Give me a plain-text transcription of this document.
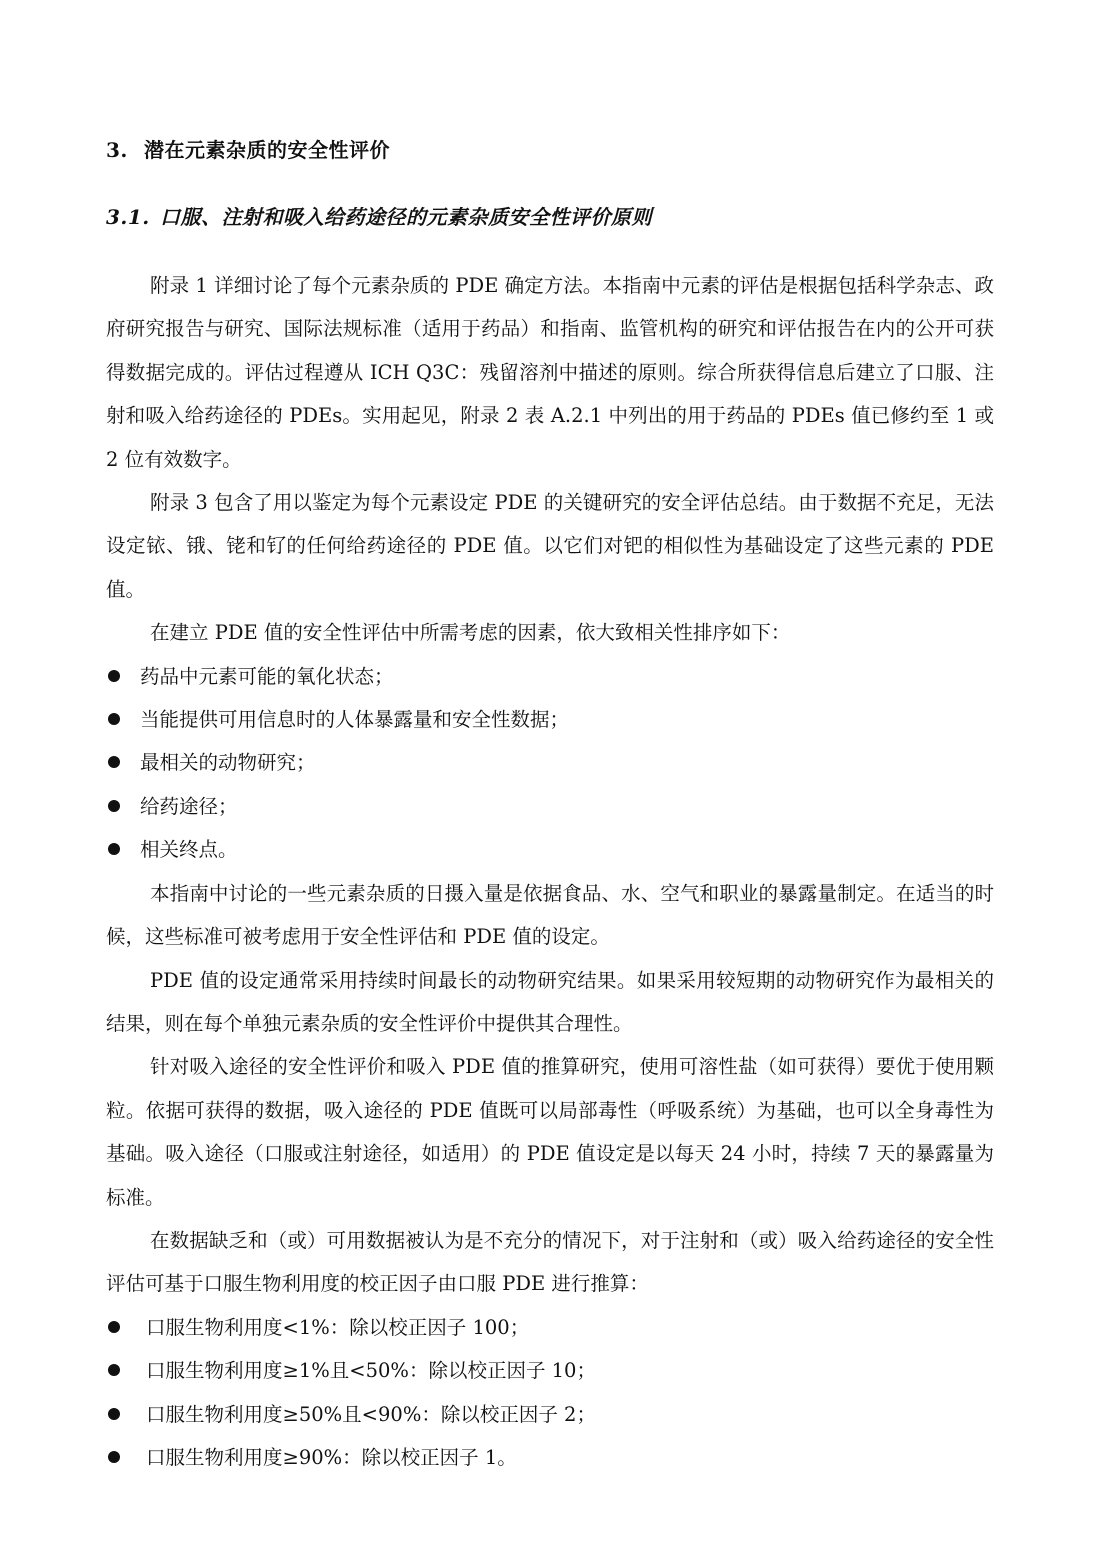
3. 潜在元素杂质的安全性评价
3.1. 口服、注射和吸入给药途径的元素杂质安全性评价原则

附录 1 详细讨论了每个元素杂质的 PDE 确定方法。本指南中元素的评估是根据包括科学杂志、政府研究报告与研究、国际法规标准（适用于药品）和指南、监管机构的研究和评估报告在内的公开可获得数据完成的。评估过程遵从 ICH Q3C：残留溶剂中描述的原则。综合所获得信息后建立了口服、注射和吸入给药途径的 PDEs。实用起见，附录 2 表 A.2.1 中列出的用于药品的 PDEs 值已修约至 1 或 2 位有效数字。

附录 3 包含了用以鉴定为每个元素设定 PDE 的关键研究的安全评估总结。由于数据不充足，无法设定铱、锇、铑和钌的任何给药途径的 PDE 值。以它们对钯的相似性为基础设定了这些元素的 PDE 值。

在建立 PDE 值的安全性评估中所需考虑的因素，依大致相关性排序如下：

药品中元素可能的氧化状态；
当能提供可用信息时的人体暴露量和安全性数据；
最相关的动物研究；
给药途径；
相关终点。

本指南中讨论的一些元素杂质的日摄入量是依据食品、水、空气和职业的暴露量制定。在适当的时候，这些标准可被考虑用于安全性评估和 PDE 值的设定。

PDE 值的设定通常采用持续时间最长的动物研究结果。如果采用较短期的动物研究作为最相关的结果，则在每个单独元素杂质的安全性评价中提供其合理性。

针对吸入途径的安全性评价和吸入 PDE 值的推算研究，使用可溶性盐（如可获得）要优于使用颗粒。依据可获得的数据，吸入途径的 PDE 值既可以局部毒性（呼吸系统）为基础，也可以全身毒性为基础。吸入途径（口服或注射途径，如适用）的 PDE 值设定是以每天 24 小时，持续 7 天的暴露量为标准。

在数据缺乏和（或）可用数据被认为是不充分的情况下，对于注射和（或）吸入给药途径的安全性评估可基于口服生物利用度的校正因子由口服 PDE 进行推算：

口服生物利用度<1%：除以校正因子 100；
口服生物利用度≥1%且<50%：除以校正因子 10；
口服生物利用度≥50%且<90%：除以校正因子 2；
口服生物利用度≥90%：除以校正因子 1。
